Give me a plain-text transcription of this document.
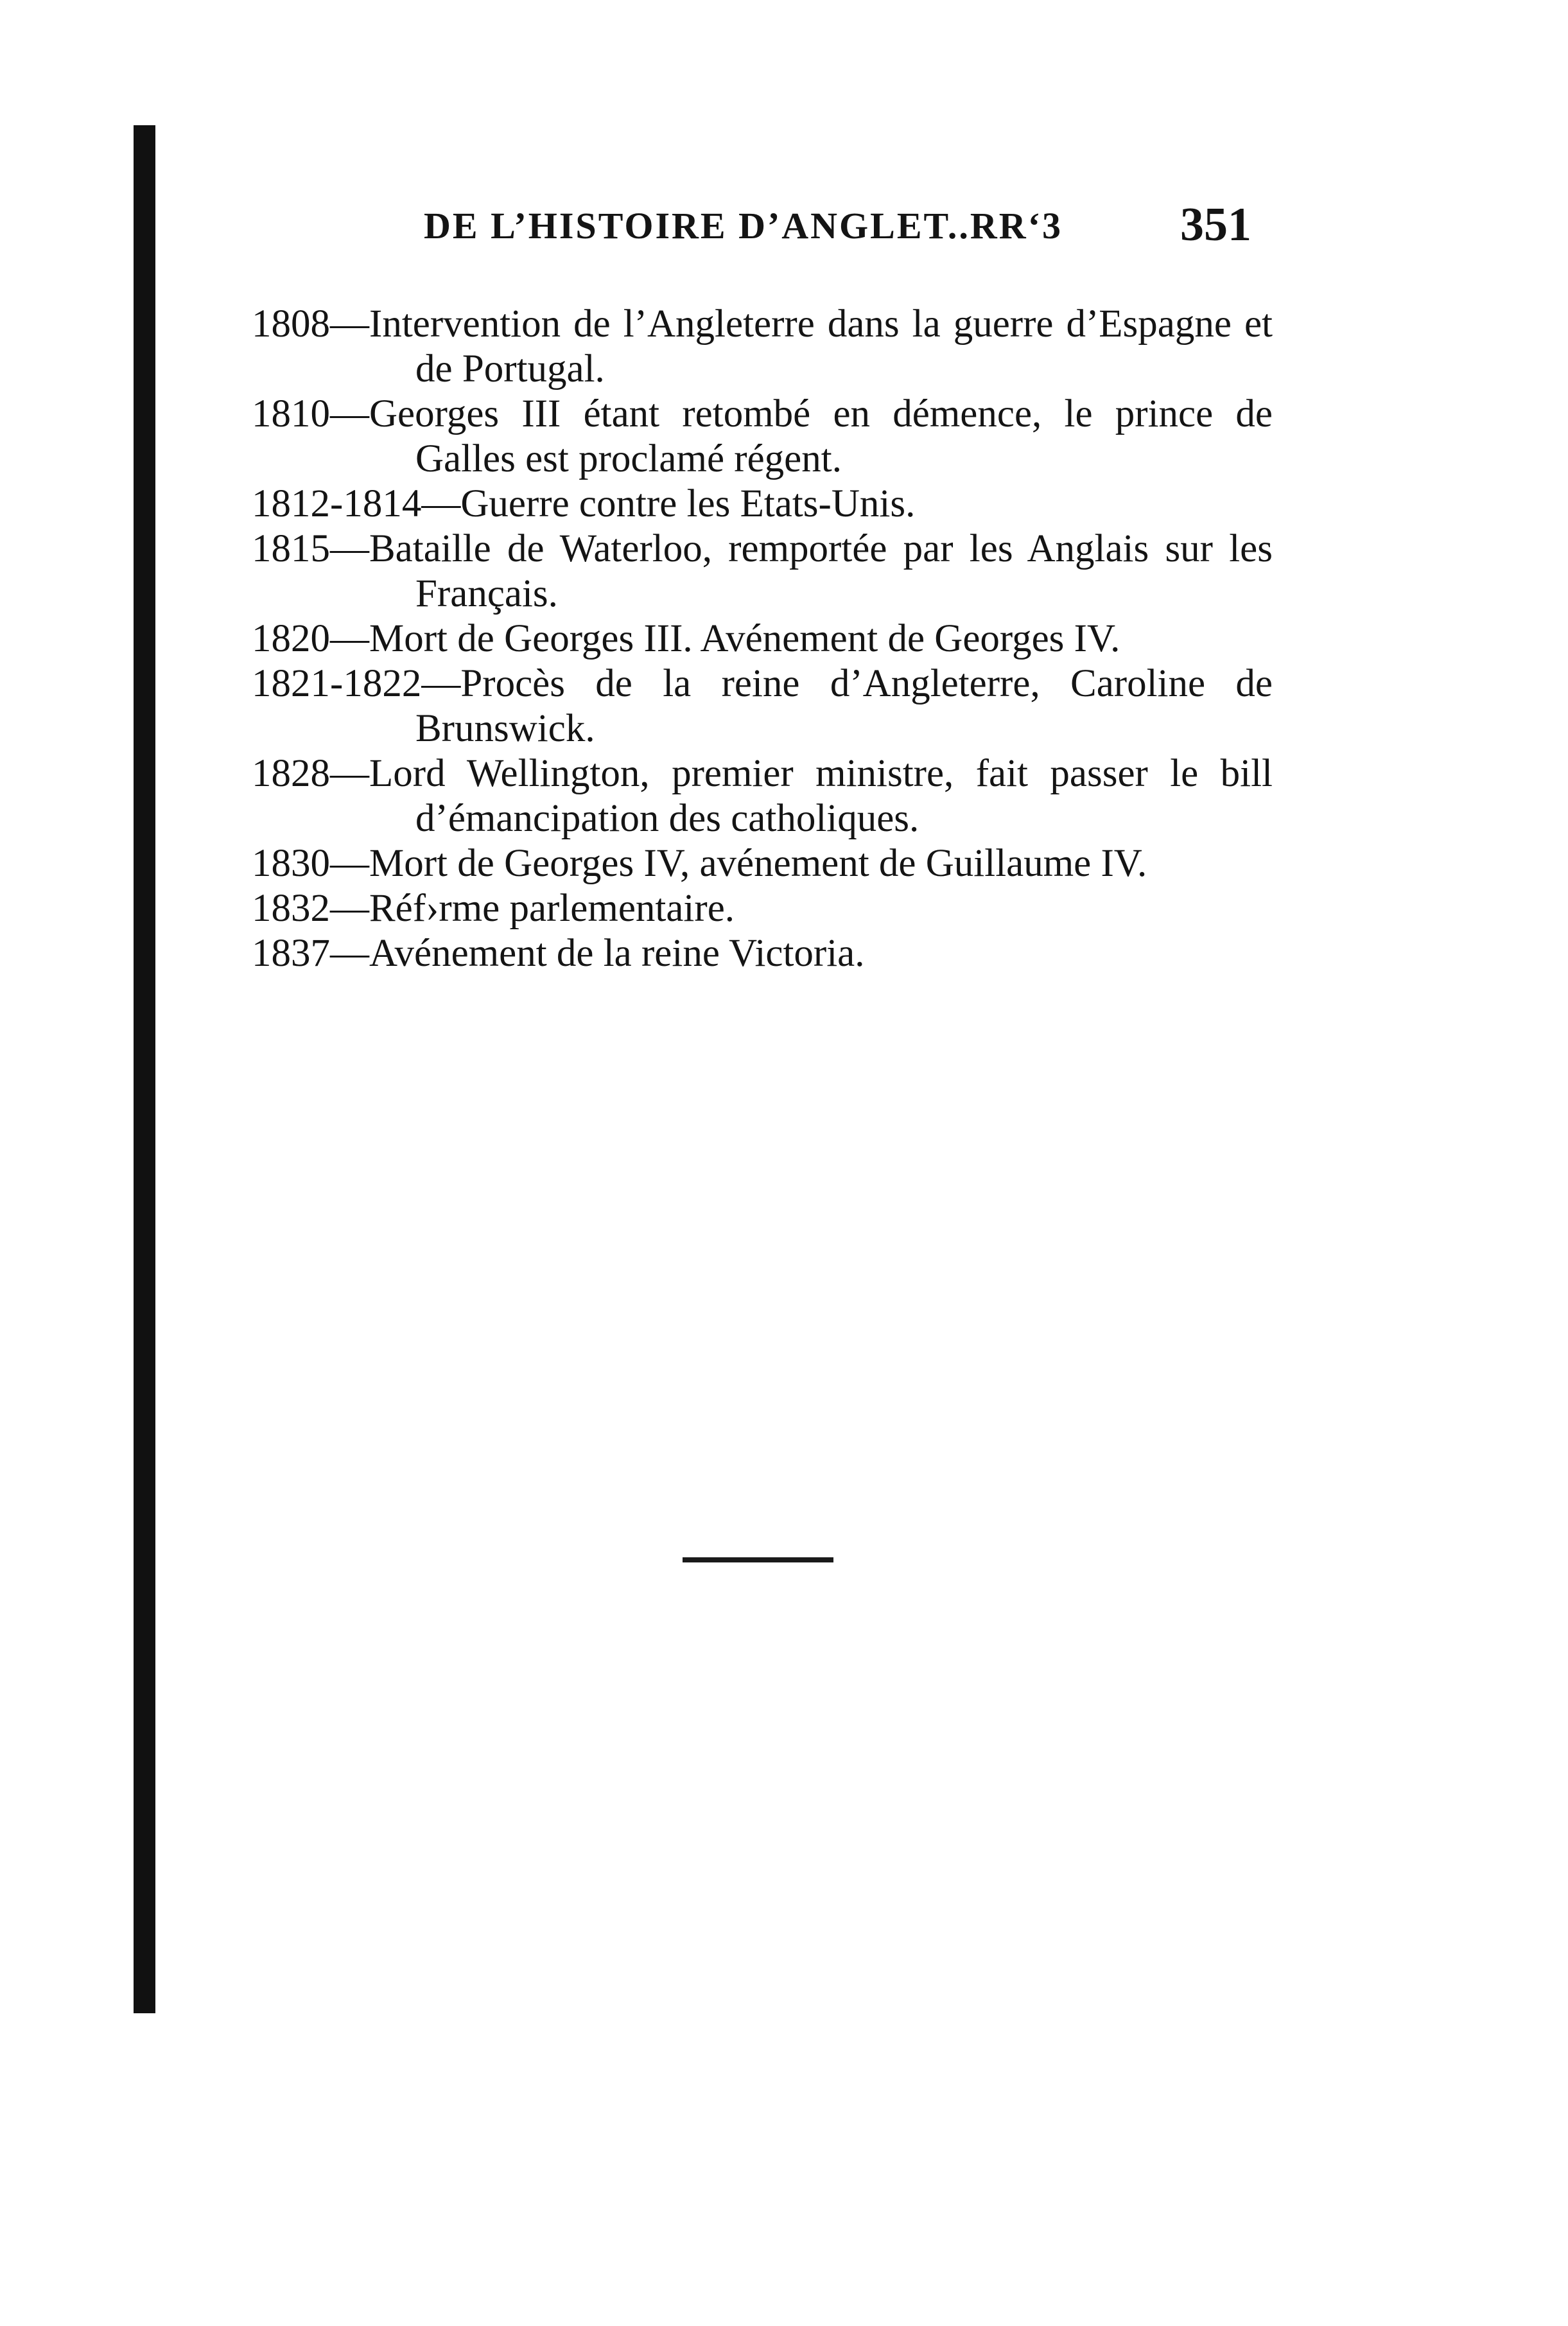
DE L’HISTOIRE D’ANGLET..RR‘3 351
1808—Intervention de l’Angleterre dans la guerre d’Espagne et de Portugal.
1810—Georges III étant retombé en démence, le prince de Galles est proclamé régent.
1812-1814—Guerre contre les Etats-Unis.
1815—Bataille de Waterloo, remportée par les Anglais sur les Français.
1820—Mort de Georges III. Avénement de Georges IV.
1821-1822—Procès de la reine d’Angleterre, Caroline de Brunswick.
1828—Lord Wellington, premier ministre, fait passer le bill d’émancipation des catholiques.
1830—Mort de Georges IV, avénement de Guillaume IV.
1832—Réf›rme parlementaire.
1837—Avénement de la reine Victoria.
